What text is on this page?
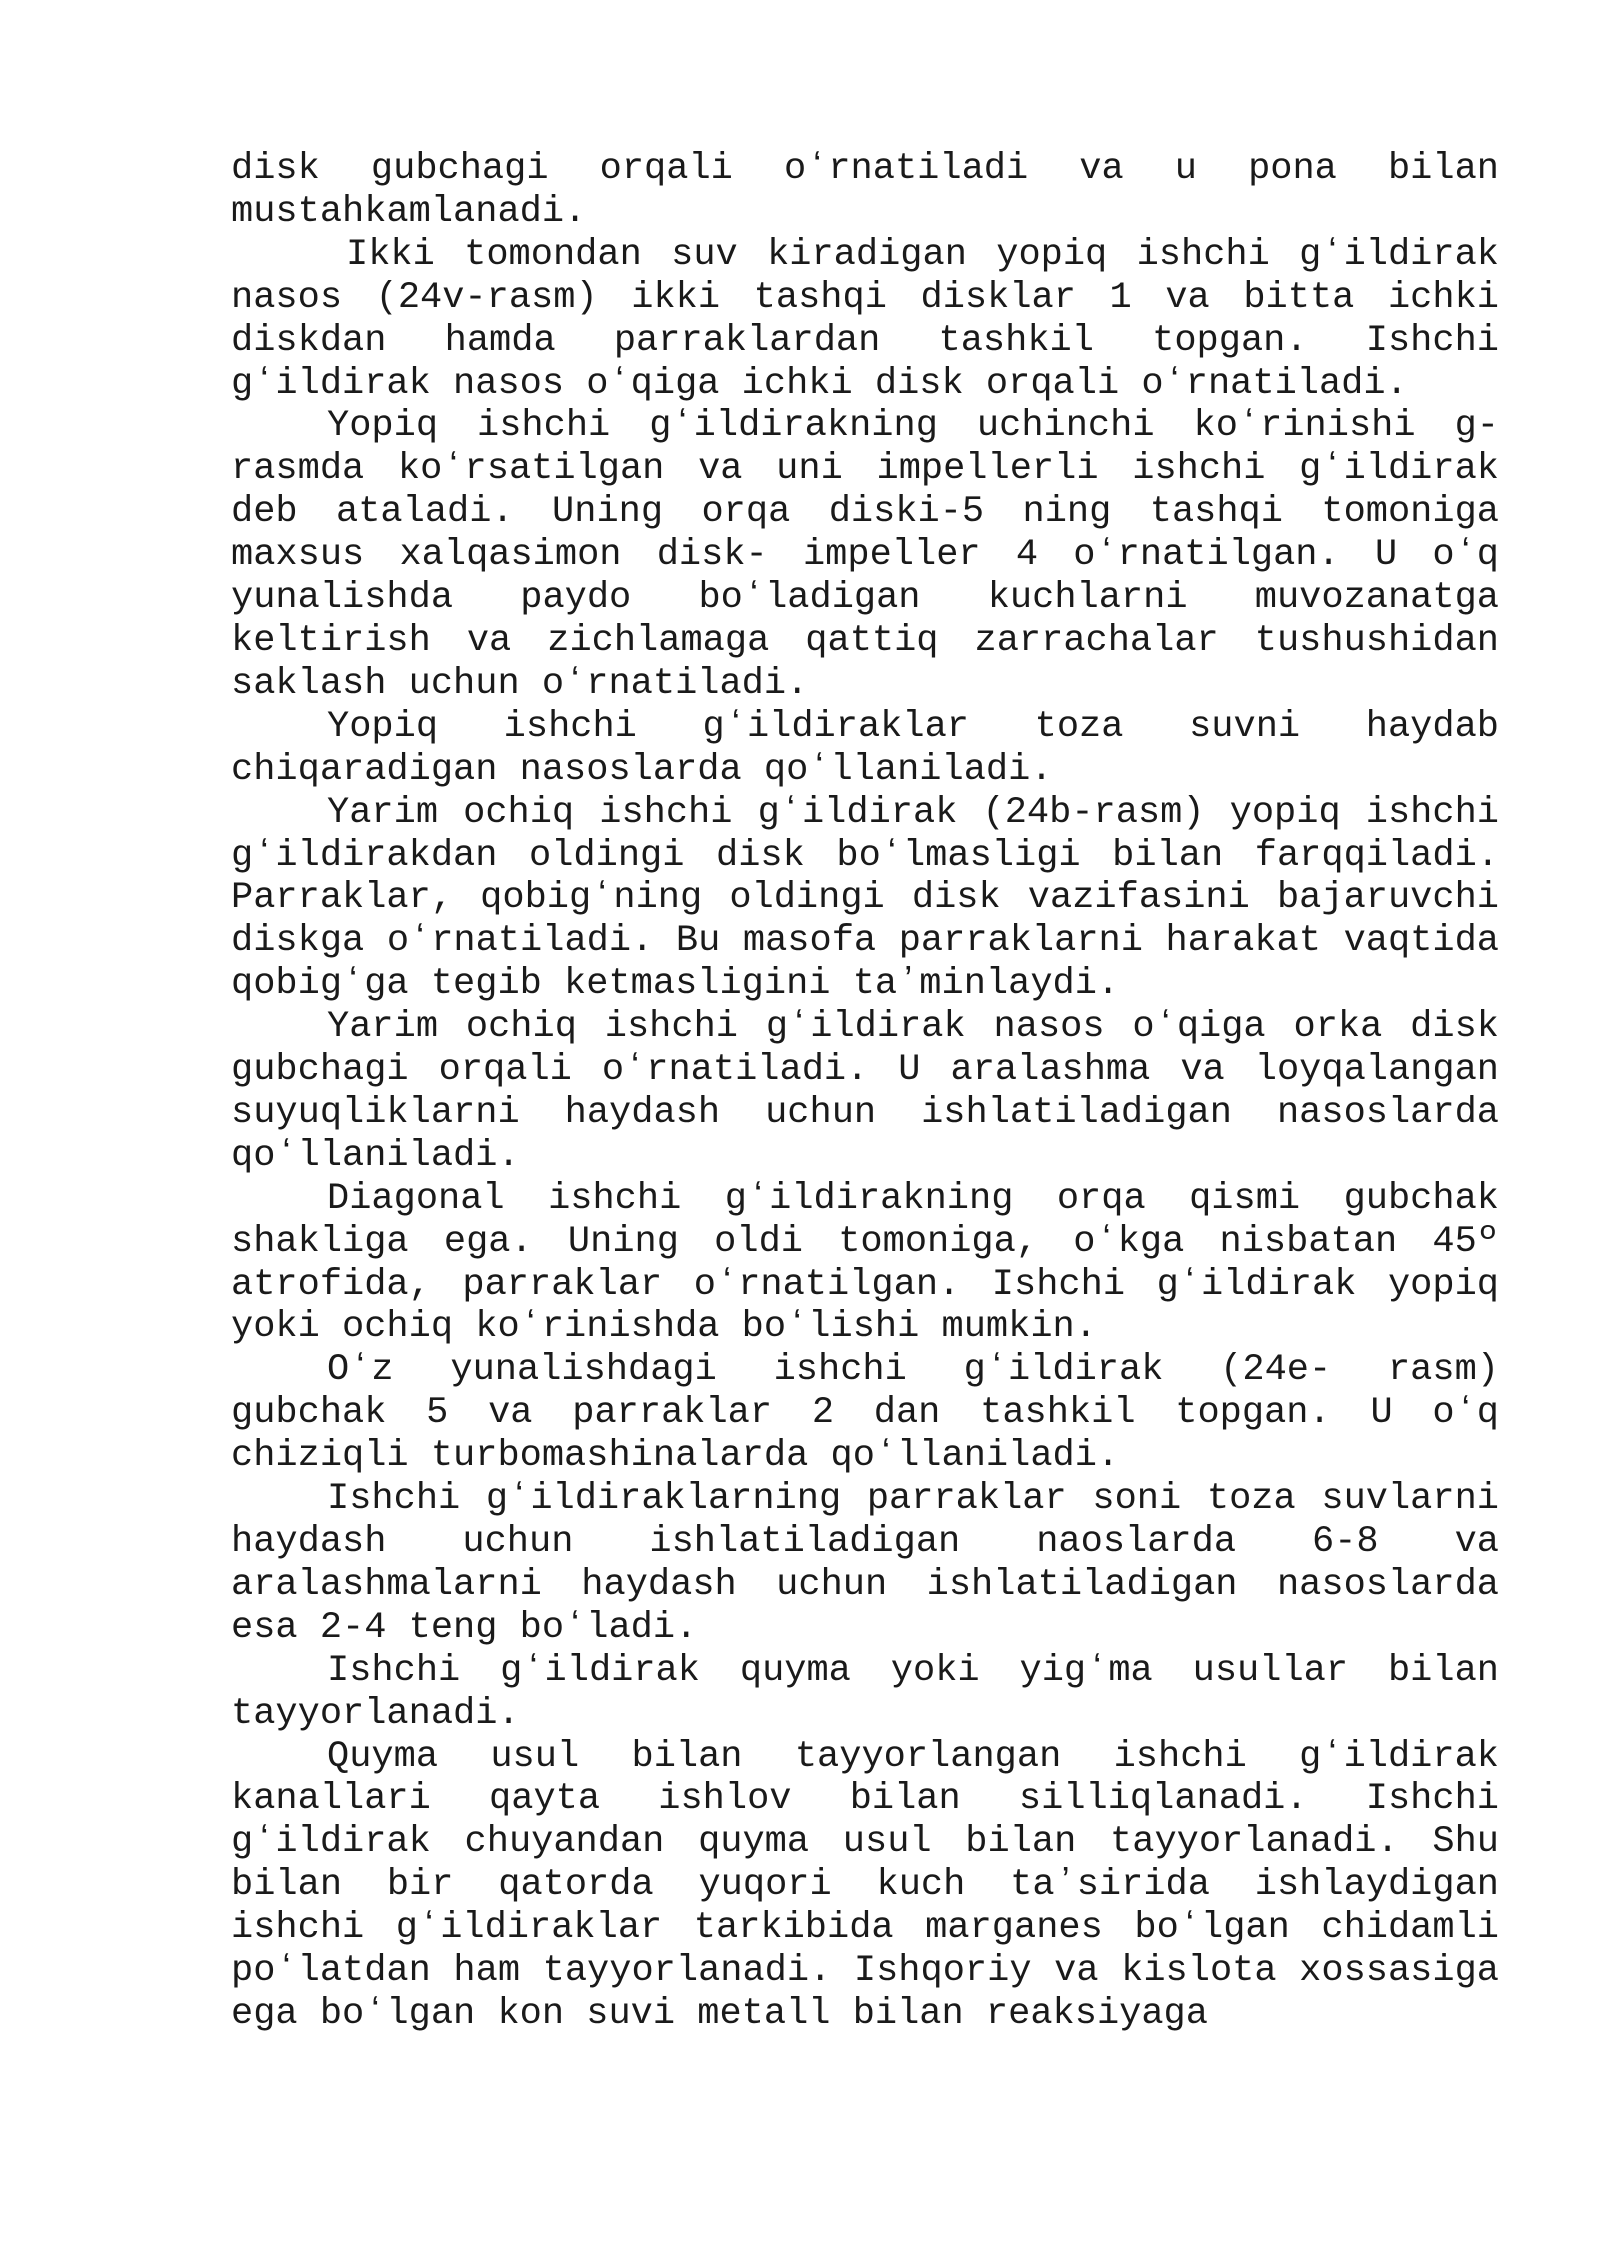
disk gubchagi orqali oʻrnatiladi va u pona bilan mustahkamlanadi.

Ikki tomondan suv kiradigan yopiq ishchi gʻildirak nasos (24v-rasm) ikki tashqi disklar 1 va bitta ichki diskdan hamda parraklardan tashkil topgan. Ishchi gʻildirak nasos oʻqiga ichki disk orqali oʻrnatiladi.

Yopiq ishchi gʻildirakning uchinchi koʻrinishi g-rasmda koʻrsatilgan va uni impellerli ishchi gʻildirak deb ataladi. Uning orqa diski-5 ning tashqi tomoniga maxsus xalqasimon disk- impeller 4 oʻrnatilgan. U oʻq yunalishda paydo boʻladigan kuchlarni muvozanatga keltirish va zichlamaga qattiq zarrachalar tushushidan saklash uchun oʻrnatiladi.

Yopiq ishchi gʻildiraklar toza suvni haydab chiqaradigan nasoslarda qoʻllaniladi.

Yarim ochiq ishchi gʻildirak (24b-rasm) yopiq ishchi gʻildirakdan oldingi disk boʻlmasligi bilan farqqiladi. Parraklar, qobigʻning oldingi disk vazifasini bajaruvchi diskga oʻrnatiladi. Bu masofa parraklarni harakat vaqtida qobigʻga tegib ketmasligini taʼminlaydi.

Yarim ochiq ishchi gʻildirak nasos oʻqiga orka disk gubchagi orqali oʻrnatiladi. U aralashma va loyqalangan suyuqliklarni haydash uchun ishlatiladigan nasoslarda qoʻllaniladi.

Diagonal ishchi gʻildirakning orqa qismi gubchak shakliga ega. Uning oldi tomoniga, oʻkga nisbatan 45º atrofida, parraklar oʻrnatilgan. Ishchi gʻildirak yopiq yoki ochiq koʻrinishda boʻlishi mumkin.

Oʻz yunalishdagi ishchi gʻildirak (24e- rasm) gubchak 5 va parraklar 2 dan tashkil topgan. U oʻq chiziqli turbomashinalarda qoʻllaniladi.

Ishchi gʻildiraklarning parraklar soni toza suvlarni haydash uchun ishlatiladigan naoslarda 6-8 va aralashmalarni haydash uchun ishlatiladigan nasoslarda esa 2-4 teng boʻladi.

Ishchi gʻildirak quyma yoki yigʻma usullar bilan tayyorlanadi.

Quyma usul bilan tayyorlangan ishchi gʻildirak kanallari qayta ishlov bilan silliqlanadi. Ishchi gʻildirak chuyandan quyma usul bilan tayyorlanadi. Shu bilan bir qatorda yuqori kuch taʼsirida ishlaydigan ishchi gʻildiraklar tarkibida marganes boʻlgan chidamli poʻlatdan ham tayyorlanadi. Ishqoriy va kislota xossasiga ega boʻlgan kon suvi metall bilan reaksiyaga
